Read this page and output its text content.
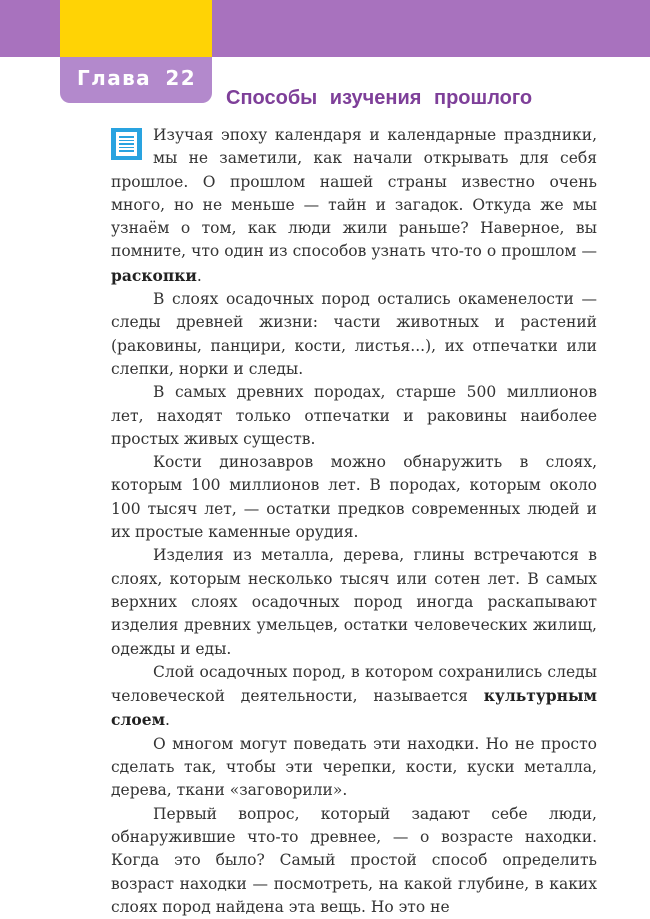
Глава 22
Способы изучения прошлого

Изучая эпоху календаря и календарные праздники, мы не заметили, как начали открывать для себя прошлое. О прошлом нашей страны известно очень много, но не меньше — тайн и загадок. Откуда же мы узнаём о том, как люди жили раньше? Наверное, вы помните, что один из способов узнать что-то о прошлом — раскопки.

В слоях осадочных пород остались окаменелости — следы древней жизни: части животных и растений (раковины, панцири, кости, листья...), их отпечатки или слепки, норки и следы.

В самых древних породах, старше 500 миллионов лет, находят только отпечатки и раковины наиболее простых живых существ.

Кости динозавров можно обнаружить в слоях, которым 100 миллионов лет. В породах, которым около 100 тысяч лет, — остатки предков современных людей и их простые каменные орудия.

Изделия из металла, дерева, глины встречаются в слоях, которым несколько тысяч или сотен лет. В самых верхних слоях осадочных пород иногда раскапывают изделия древних умельцев, остатки человеческих жилищ, одежды и еды.

Слой осадочных пород, в котором сохранились следы человеческой деятельности, называется культурным слоем.

О многом могут поведать эти находки. Но не просто сделать так, чтобы эти черепки, кости, куски металла, дерева, ткани «заговорили».

Первый вопрос, который задают себе люди, обнаружившие что-то древнее, — о возрасте находки. Когда это было? Самый простой способ определить возраст находки — посмотреть, на какой глубине, в каких слоях пород найдена эта вещь. Но это не
